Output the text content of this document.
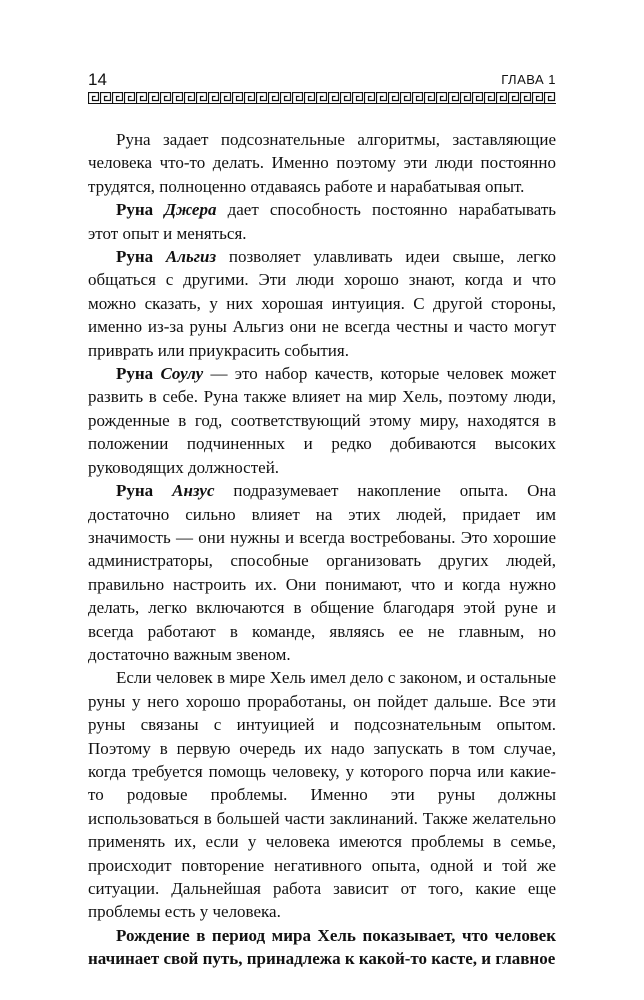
14	ГЛАВА 1

Руна задает подсознательные алгоритмы, заставляющие человека что-то делать. Именно поэтому эти люди постоянно трудятся, полноценно отдаваясь работе и нарабатывая опыт.

Руна Джера дает способность постоянно нарабатывать этот опыт и меняться.

Руна Альгиз позволяет улавливать идеи свыше, легко общаться с другими. Эти люди хорошо знают, когда и что можно сказать, у них хорошая интуиция. С другой стороны, именно из-за руны Альгиз они не всегда честны и часто могут приврать или приукрасить события.

Руна Соулу — это набор качеств, которые человек может развить в себе. Руна также влияет на мир Хель, поэтому люди, рожденные в год, соответствующий этому миру, находятся в положении подчиненных и редко добиваются высоких руководящих должностей.

Руна Анзус подразумевает накопление опыта. Она достаточно сильно влияет на этих людей, придает им значимость — они нужны и всегда востребованы. Это хорошие администраторы, способные организовать других людей, правильно настроить их. Они понимают, что и когда нужно делать, легко включаются в общение благодаря этой руне и всегда работают в команде, являясь ее не главным, но достаточно важным звеном.

Если человек в мире Хель имел дело с законом, и остальные руны у него хорошо проработаны, он пойдет дальше. Все эти руны связаны с интуицией и подсознательным опытом. Поэтому в первую очередь их надо запускать в том случае, когда требуется помощь человеку, у которого порча или какие-то родовые проблемы. Именно эти руны должны использоваться в большей части заклинаний. Также желательно применять их, если у человека имеются проблемы в семье, происходит повторение негативного опыта, одной и той же ситуации. Дальнейшая работа зависит от того, какие еще проблемы есть у человека.

Рождение в период мира Хель показывает, что человек начинает свой путь, принадлежа к какой-то касте, и главное
